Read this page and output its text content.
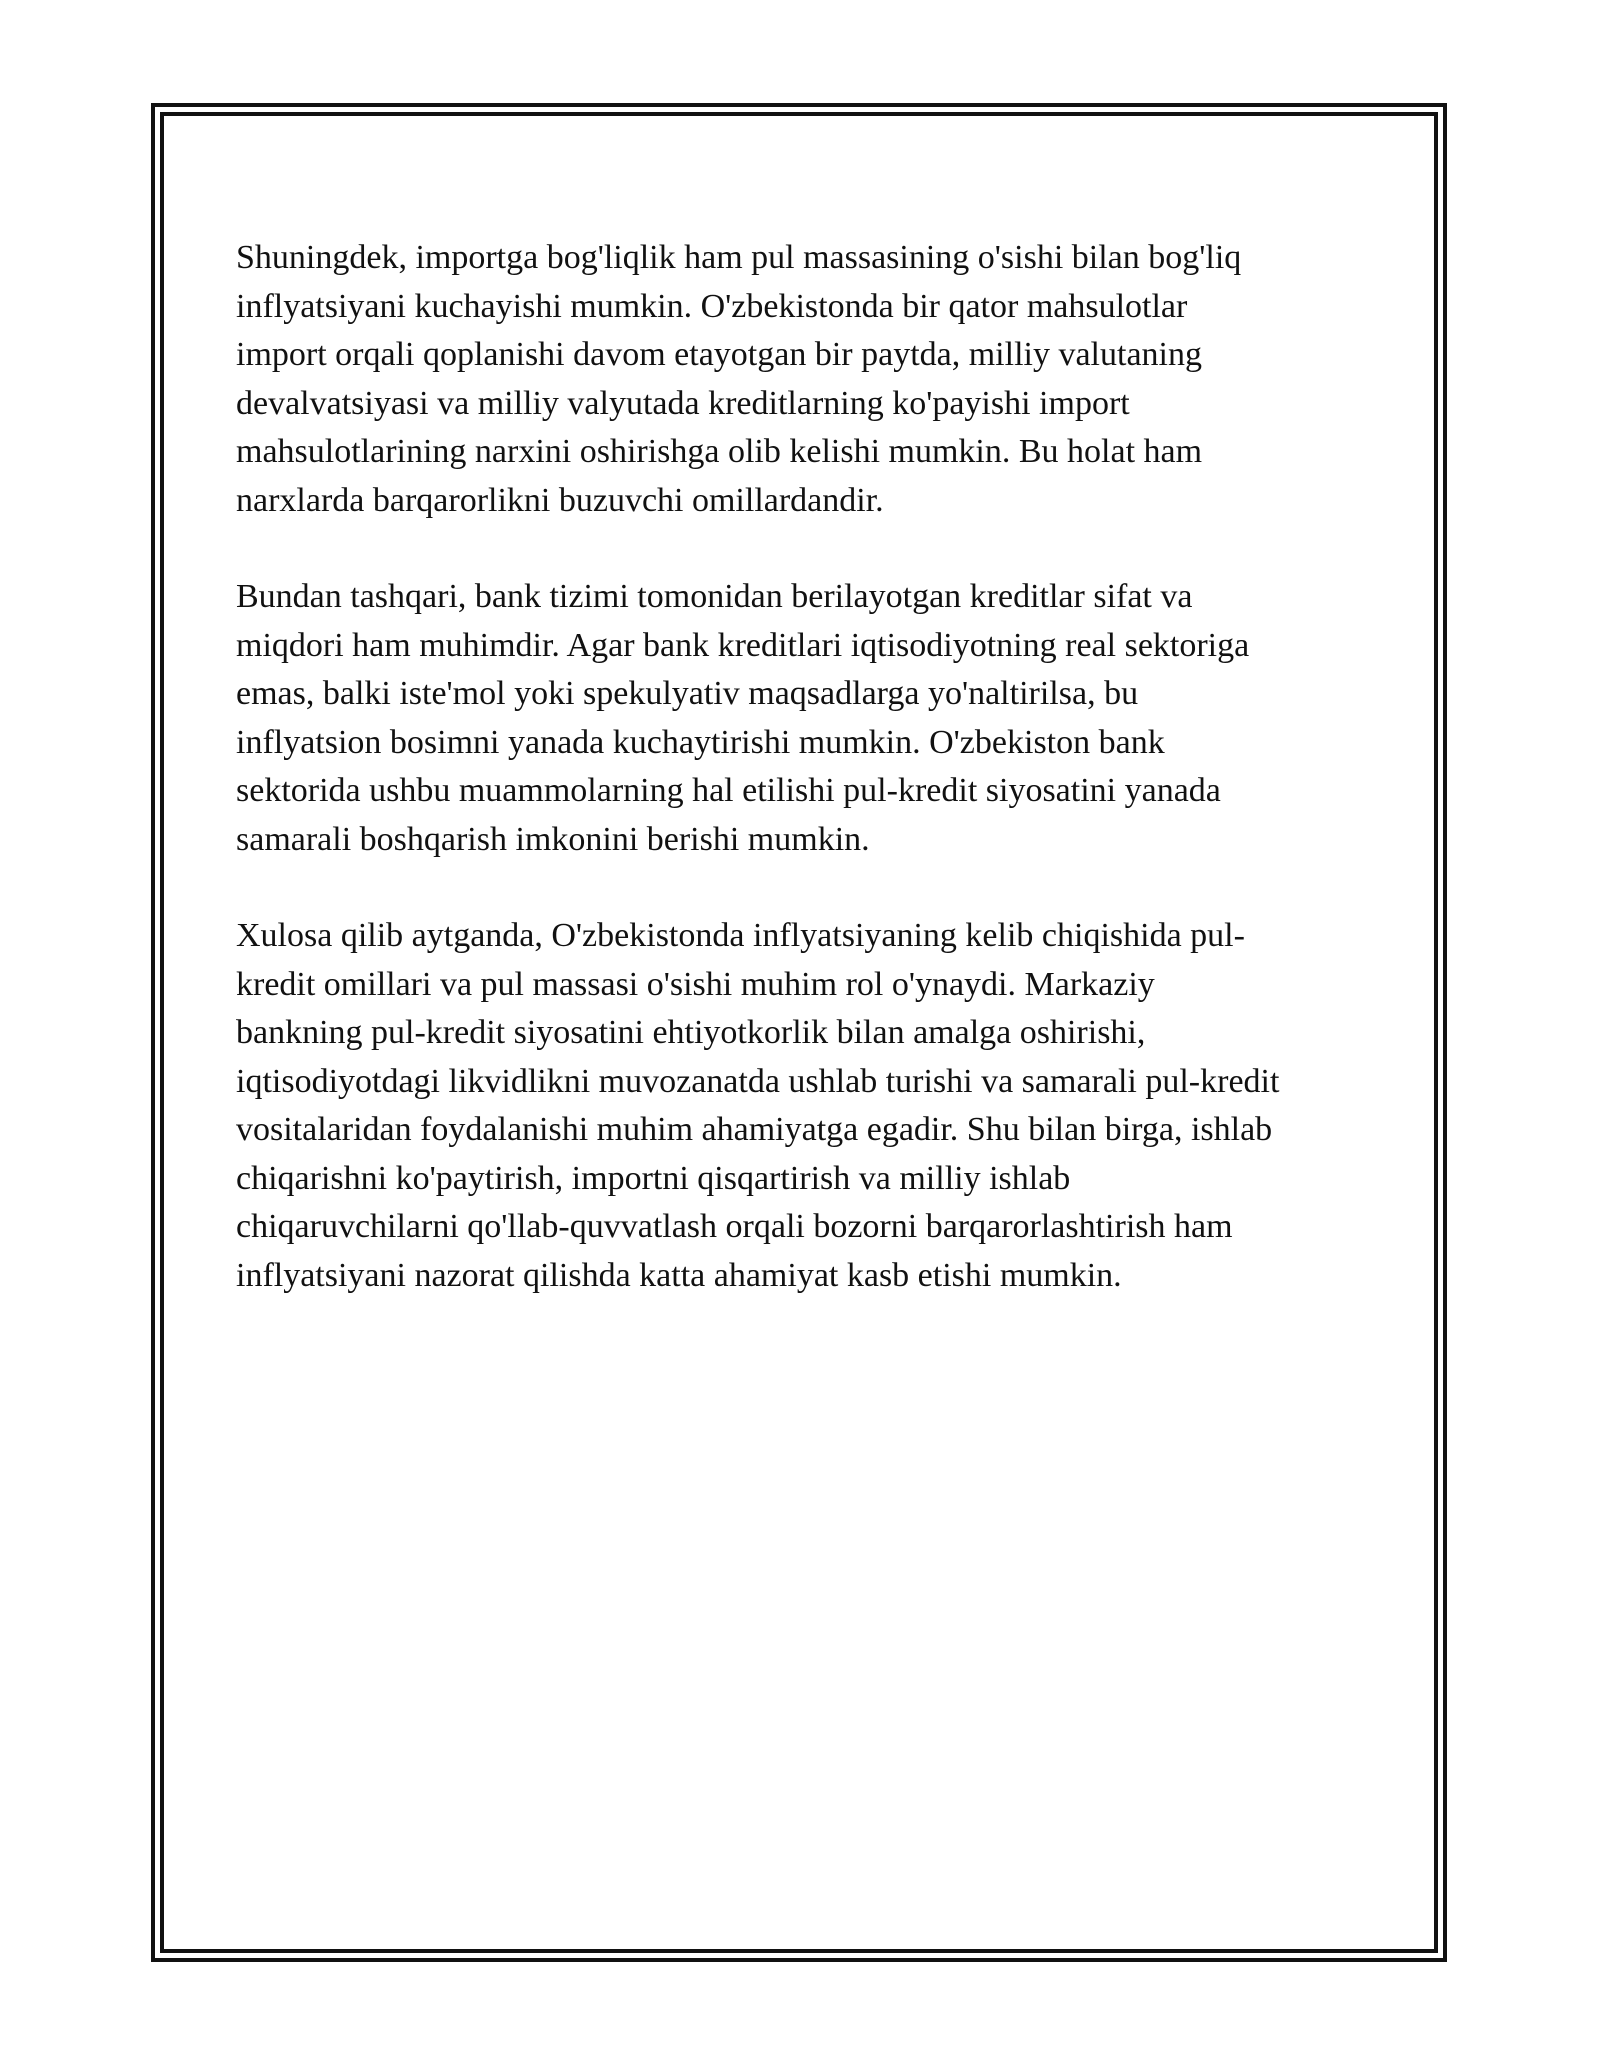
Shuningdek, importga bog'liqlik ham pul massasining o'sishi bilan bog'liq
inflyatsiyani kuchayishi mumkin. O'zbekistonda bir qator mahsulotlar
import orqali qoplanishi davom etayotgan bir paytda, milliy valutaning
devalvatsiyasi va milliy valyutada kreditlarning ko'payishi import
mahsulotlarining narxini oshirishga olib kelishi mumkin. Bu holat ham
narxlarda barqarorlikni buzuvchi omillardandir.

Bundan tashqari, bank tizimi tomonidan berilayotgan kreditlar sifat va
miqdori ham muhimdir. Agar bank kreditlari iqtisodiyotning real sektoriga
emas, balki iste'mol yoki spekulyativ maqsadlarga yo'naltirilsa, bu
inflyatsion bosimni yanada kuchaytirishi mumkin. O'zbekiston bank
sektorida ushbu muammolarning hal etilishi pul-kredit siyosatini yanada
samarali boshqarish imkonini berishi mumkin.

Xulosa qilib aytganda, O'zbekistonda inflyatsiyaning kelib chiqishida pul-
kredit omillari va pul massasi o'sishi muhim rol o'ynaydi. Markaziy
bankning pul-kredit siyosatini ehtiyotkorlik bilan amalga oshirishi,
iqtisodiyotdagi likvidlikni muvozanatda ushlab turishi va samarali pul-kredit
vositalaridan foydalanishi muhim ahamiyatga egadir. Shu bilan birga, ishlab
chiqarishni ko'paytirish, importni qisqartirish va milliy ishlab
chiqaruvchilarni qo'llab-quvvatlash orqali bozorni barqarorlashtirish ham
inflyatsiyani nazorat qilishda katta ahamiyat kasb etishi mumkin.
